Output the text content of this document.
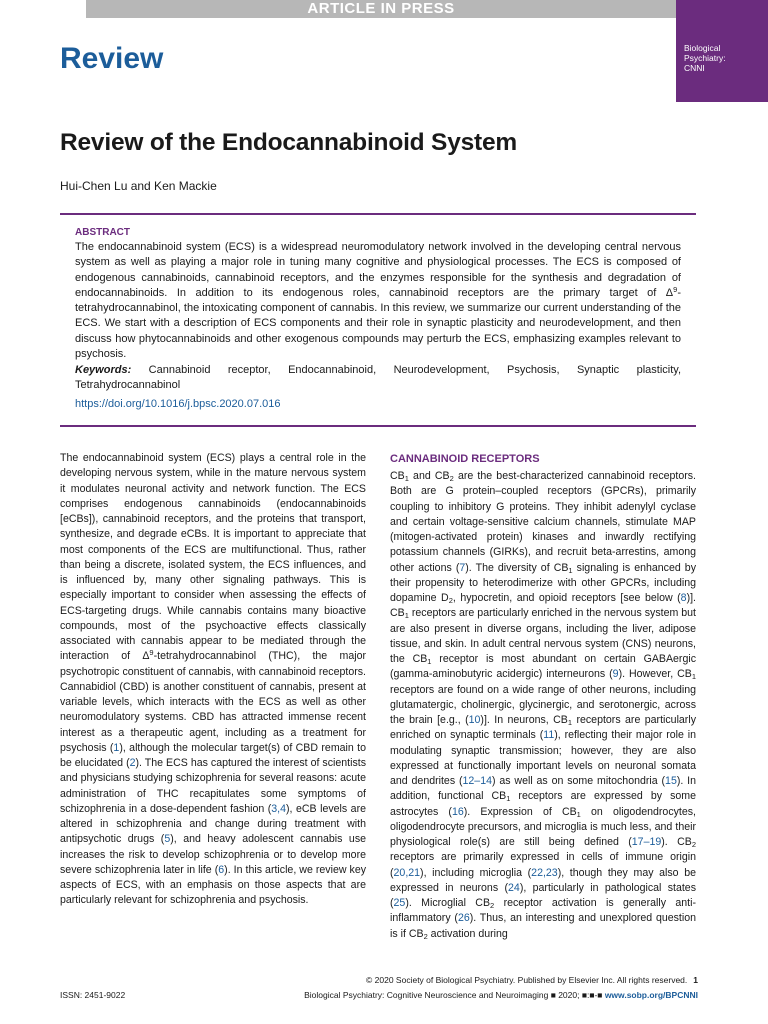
ARTICLE IN PRESS
Biological
Psychiatry:
CNNI
Review
Review of the Endocannabinoid System
Hui-Chen Lu and Ken Mackie
ABSTRACT
The endocannabinoid system (ECS) is a widespread neuromodulatory network involved in the developing central nervous system as well as playing a major role in tuning many cognitive and physiological processes. The ECS is composed of endogenous cannabinoids, cannabinoid receptors, and the enzymes responsible for the synthesis and degradation of endocannabinoids. In addition to its endogenous roles, cannabinoid receptors are the primary target of $\Delta^9$-tetrahydrocannabinol, the intoxicating component of cannabis. In this review, we summarize our current understanding of the ECS. We start with a description of ECS components and their role in synaptic plasticity and neurodevelopment, and then discuss how phytocannabinoids and other exogenous compounds may perturb the ECS, emphasizing examples relevant to psychosis.
Keywords: Cannabinoid receptor, Endocannabinoid, Neurodevelopment, Psychosis, Synaptic plasticity, Tetrahydrocannabinol
https://doi.org/10.1016/j.bpsc.2020.07.016
The endocannabinoid system (ECS) plays a central role in the developing nervous system, while in the mature nervous system it modulates neuronal activity and network function. The ECS comprises endogenous cannabinoids (endocannabinoids [eCBs]), cannabinoid receptors, and the proteins that transport, synthesize, and degrade eCBs. It is important to appreciate that most components of the ECS are multifunctional. Thus, rather than being a discrete, isolated system, the ECS influences, and is influenced by, many other signaling pathways. This is especially important to consider when assessing the effects of ECS-targeting drugs. While cannabis contains many bioactive compounds, most of the psychoactive effects classically associated with cannabis appear to be mediated through the interaction of $\Delta^9$-tetrahydrocannabinol (THC), the major psychotropic constituent of cannabis, with cannabinoid receptors. Cannabidiol (CBD) is another constituent of cannabis, present at variable levels, which interacts with the ECS as well as other neuromodulatory systems. CBD has attracted immense recent interest as a therapeutic agent, including as a treatment for psychosis (1), although the molecular target(s) of CBD remain to be elucidated (2). The ECS has captured the interest of scientists and physicians studying schizophrenia for several reasons: acute administration of THC recapitulates some symptoms of schizophrenia in a dose-dependent fashion (3,4), eCB levels are altered in schizophrenia and change during treatment with antipsychotic drugs (5), and heavy adolescent cannabis use increases the risk to develop schizophrenia or to develop more severe schizophrenia later in life (6). In this article, we review key aspects of ECS, with an emphasis on those aspects that are particularly relevant for schizophrenia and psychosis.
CANNABINOID RECEPTORS
$CB_1$ and $CB_2$ are the best-characterized cannabinoid receptors. Both are G protein–coupled receptors (GPCRs), primarily coupling to inhibitory G proteins. They inhibit adenylyl cyclase and certain voltage-sensitive calcium channels, stimulate MAP (mitogen-activated protein) kinases and inwardly rectifying potassium channels (GIRKs), and recruit beta-arrestins, among other actions (7). The diversity of $CB_1$ signaling is enhanced by their propensity to heterodimerize with other GPCRs, including dopamine $D_2$, hypocretin, and opioid receptors [see below (8)]. $CB_1$ receptors are particularly enriched in the nervous system but are also present in diverse organs, including the liver, adipose tissue, and skin. In adult central nervous system (CNS) neurons, the $CB_1$ receptor is most abundant on certain GABAergic (gamma-aminobutyric acidergic) interneurons (9). However, $CB_1$ receptors are found on a wide range of other neurons, including glutamatergic, cholinergic, glycinergic, and serotonergic, across the brain [e.g., (10)]. In neurons, $CB_1$ receptors are particularly enriched on synaptic terminals (11), reflecting their major role in modulating synaptic transmission; however, they are also expressed at functionally important levels on neuronal somata and dendrites (12–14) as well as on some mitochondria (15). In addition, functional $CB_1$ receptors are expressed by some astrocytes (16). Expression of $CB_1$ on oligodendrocytes, oligodendrocyte precursors, and microglia is much less, and their physiological role(s) are still being defined (17–19). $CB_2$ receptors are primarily expressed in cells of immune origin (20,21), including microglia (22,23), though they may also be expressed in neurons (24), particularly in pathological states (25). Microglial $CB_2$ receptor activation is generally anti-inflammatory (26). Thus, an interesting and unexplored question is if $CB_2$ activation during
© 2020 Society of Biological Psychiatry. Published by Elsevier Inc. All rights reserved. 1
ISSN: 2451-9022	Biological Psychiatry: Cognitive Neuroscience and Neuroimaging ■ 2020; ■:■-■ www.sobp.org/BPCNNI
